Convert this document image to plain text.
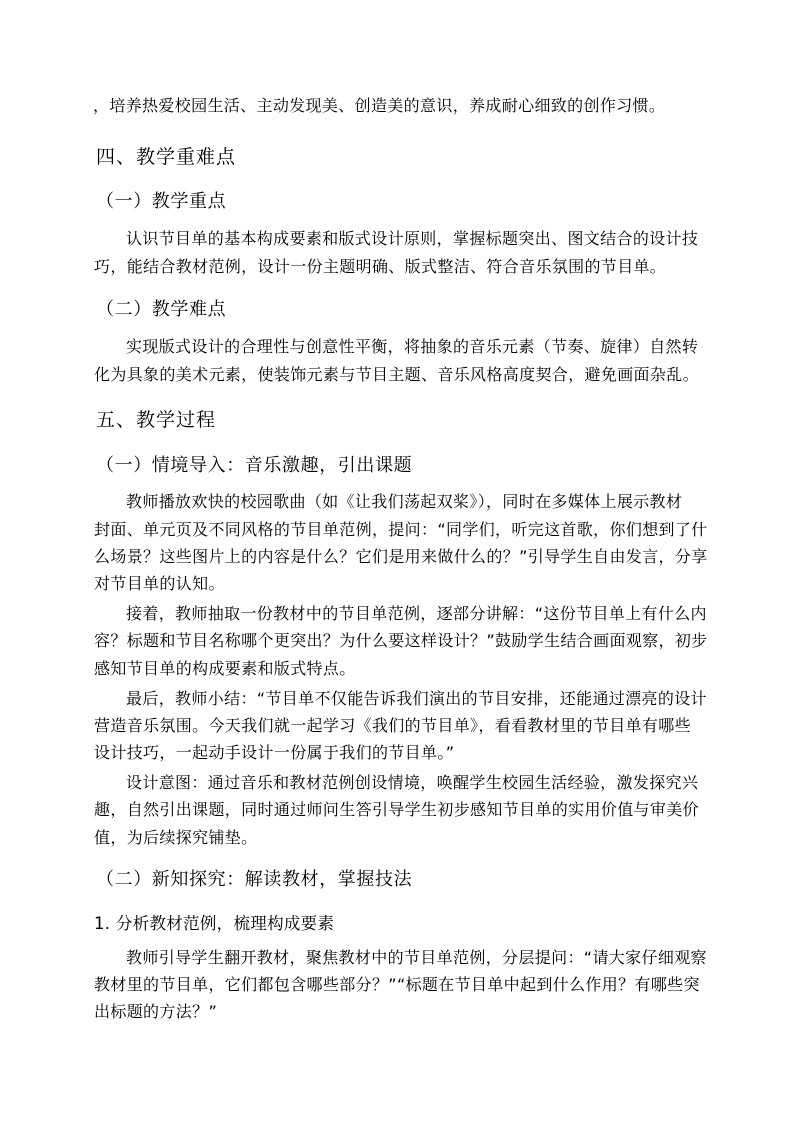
，培养热爱校园生活、主动发现美、创造美的意识，养成耐心细致的创作习惯。
四、教学重难点
（一）教学重点
认识节目单的基本构成要素和版式设计原则，掌握标题突出、图文结合的设计技
巧，能结合教材范例，设计一份主题明确、版式整洁、符合音乐氛围的节目单。
（二）教学难点
实现版式设计的合理性与创意性平衡，将抽象的音乐元素（节奏、旋律）自然转
化为具象的美术元素，使装饰元素与节目主题、音乐风格高度契合，避免画面杂乱。
五、教学过程
（一）情境导入：音乐激趣，引出课题
教师播放欢快的校园歌曲（如《让我们荡起双桨》），同时在多媒体上展示教材
封面、单元页及不同风格的节目单范例，提问：“同学们，听完这首歌，你们想到了什
么场景？这些图片上的内容是什么？它们是用来做什么的？”引导学生自由发言，分享
对节目单的认知。
接着，教师抽取一份教材中的节目单范例，逐部分讲解：“这份节目单上有什么内
容？标题和节目名称哪个更突出？为什么要这样设计？”鼓励学生结合画面观察，初步
感知节目单的构成要素和版式特点。
最后，教师小结：“节目单不仅能告诉我们演出的节目安排，还能通过漂亮的设计
营造音乐氛围。今天我们就一起学习《我们的节目单》，看看教材里的节目单有哪些
设计技巧，一起动手设计一份属于我们的节目单。”
设计意图：通过音乐和教材范例创设情境，唤醒学生校园生活经验，激发探究兴
趣，自然引出课题，同时通过师问生答引导学生初步感知节目单的实用价值与审美价
值，为后续探究铺垫。
（二）新知探究：解读教材，掌握技法
1. 分析教材范例，梳理构成要素
教师引导学生翻开教材，聚焦教材中的节目单范例，分层提问：“请大家仔细观察
教材里的节目单，它们都包含哪些部分？”“标题在节目单中起到什么作用？有哪些突
出标题的方法？”
